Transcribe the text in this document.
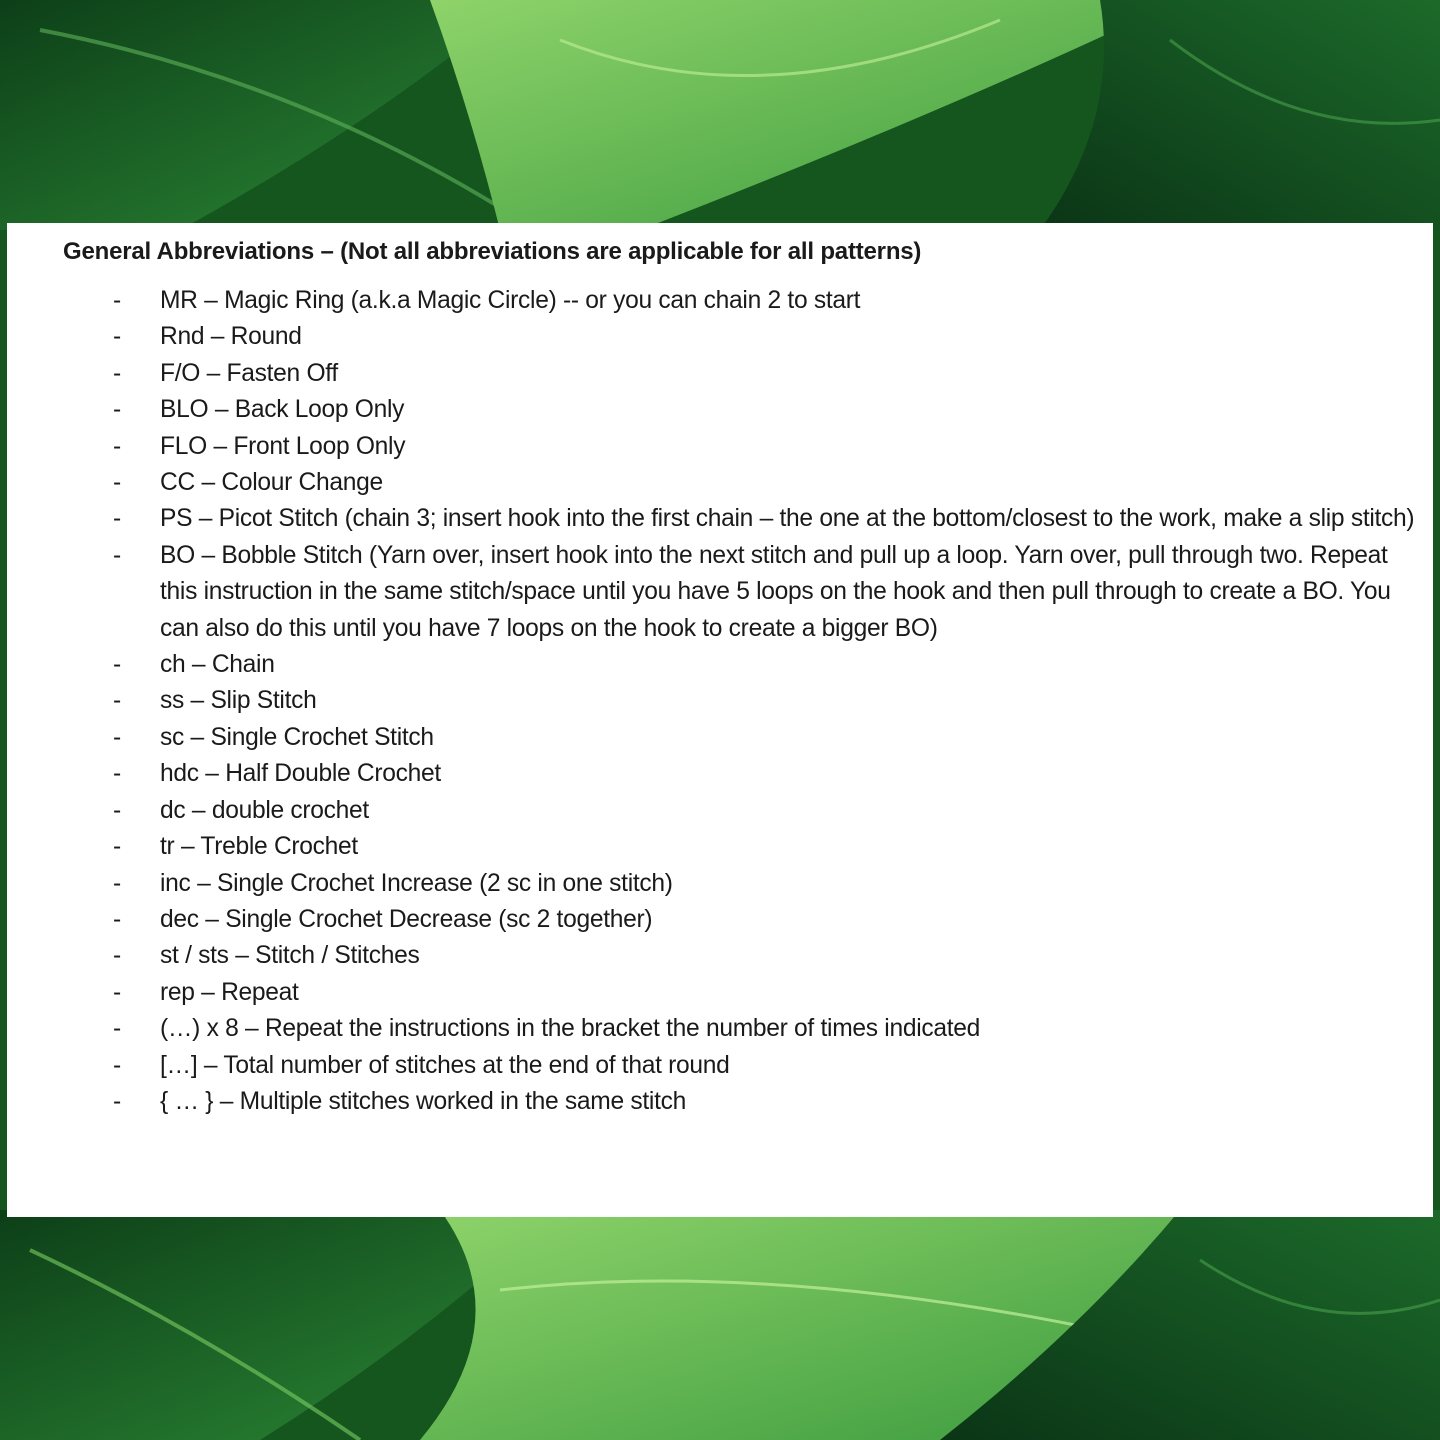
General Abbreviations – (Not all abbreviations are applicable for all patterns)
- MR – Magic Ring (a.k.a Magic Circle) -- or you can chain 2 to start
- Rnd – Round
- F/O – Fasten Off
- BLO – Back Loop Only
- FLO – Front Loop Only
- CC – Colour Change
- PS – Picot Stitch (chain 3; insert hook into the first chain – the one at the bottom/closest to the work, make a slip stitch)
- BO – Bobble Stitch (Yarn over, insert hook into the next stitch and pull up a loop. Yarn over, pull through two. Repeat this instruction in the same stitch/space until you have 5 loops on the hook and then pull through to create a BO. You can also do this until you have 7 loops on the hook to create a bigger BO)
- ch – Chain
- ss – Slip Stitch
- sc – Single Crochet Stitch
- hdc – Half Double Crochet
- dc – double crochet
- tr – Treble Crochet
- inc – Single Crochet Increase (2 sc in one stitch)
- dec – Single Crochet Decrease (sc 2 together)
- st / sts – Stitch / Stitches
- rep – Repeat
- (…) x 8 – Repeat the instructions in the bracket the number of times indicated
- […] – Total number of stitches at the end of that round
- { … } – Multiple stitches worked in the same stitch
